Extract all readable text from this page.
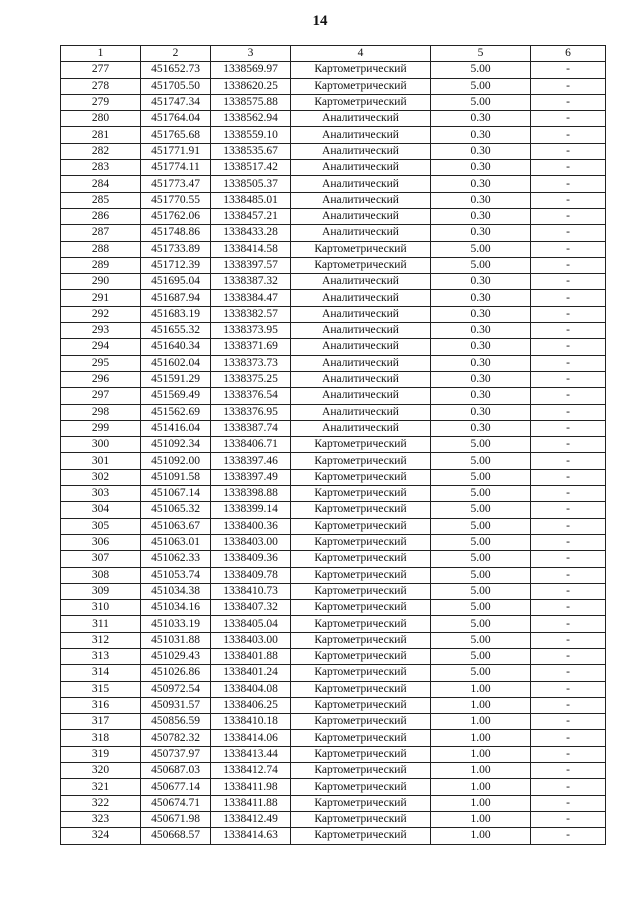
14
1	2	3	4	5	6
277	451652.73	1338569.97	Картометрический	5.00	-
278	451705.50	1338620.25	Картометрический	5.00	-
279	451747.34	1338575.88	Картометрический	5.00	-
280	451764.04	1338562.94	Аналитический	0.30	-
281	451765.68	1338559.10	Аналитический	0.30	-
282	451771.91	1338535.67	Аналитический	0.30	-
283	451774.11	1338517.42	Аналитический	0.30	-
284	451773.47	1338505.37	Аналитический	0.30	-
285	451770.55	1338485.01	Аналитический	0.30	-
286	451762.06	1338457.21	Аналитический	0.30	-
287	451748.86	1338433.28	Аналитический	0.30	-
288	451733.89	1338414.58	Картометрический	5.00	-
289	451712.39	1338397.57	Картометрический	5.00	-
290	451695.04	1338387.32	Аналитический	0.30	-
291	451687.94	1338384.47	Аналитический	0.30	-
292	451683.19	1338382.57	Аналитический	0.30	-
293	451655.32	1338373.95	Аналитический	0.30	-
294	451640.34	1338371.69	Аналитический	0.30	-
295	451602.04	1338373.73	Аналитический	0.30	-
296	451591.29	1338375.25	Аналитический	0.30	-
297	451569.49	1338376.54	Аналитический	0.30	-
298	451562.69	1338376.95	Аналитический	0.30	-
299	451416.04	1338387.74	Аналитический	0.30	-
300	451092.34	1338406.71	Картометрический	5.00	-
301	451092.00	1338397.46	Картометрический	5.00	-
302	451091.58	1338397.49	Картометрический	5.00	-
303	451067.14	1338398.88	Картометрический	5.00	-
304	451065.32	1338399.14	Картометрический	5.00	-
305	451063.67	1338400.36	Картометрический	5.00	-
306	451063.01	1338403.00	Картометрический	5.00	-
307	451062.33	1338409.36	Картометрический	5.00	-
308	451053.74	1338409.78	Картометрический	5.00	-
309	451034.38	1338410.73	Картометрический	5.00	-
310	451034.16	1338407.32	Картометрический	5.00	-
311	451033.19	1338405.04	Картометрический	5.00	-
312	451031.88	1338403.00	Картометрический	5.00	-
313	451029.43	1338401.88	Картометрический	5.00	-
314	451026.86	1338401.24	Картометрический	5.00	-
315	450972.54	1338404.08	Картометрический	1.00	-
316	450931.57	1338406.25	Картометрический	1.00	-
317	450856.59	1338410.18	Картометрический	1.00	-
318	450782.32	1338414.06	Картометрический	1.00	-
319	450737.97	1338413.44	Картометрический	1.00	-
320	450687.03	1338412.74	Картометрический	1.00	-
321	450677.14	1338411.98	Картометрический	1.00	-
322	450674.71	1338411.88	Картометрический	1.00	-
323	450671.98	1338412.49	Картометрический	1.00	-
324	450668.57	1338414.63	Картометрический	1.00	-
